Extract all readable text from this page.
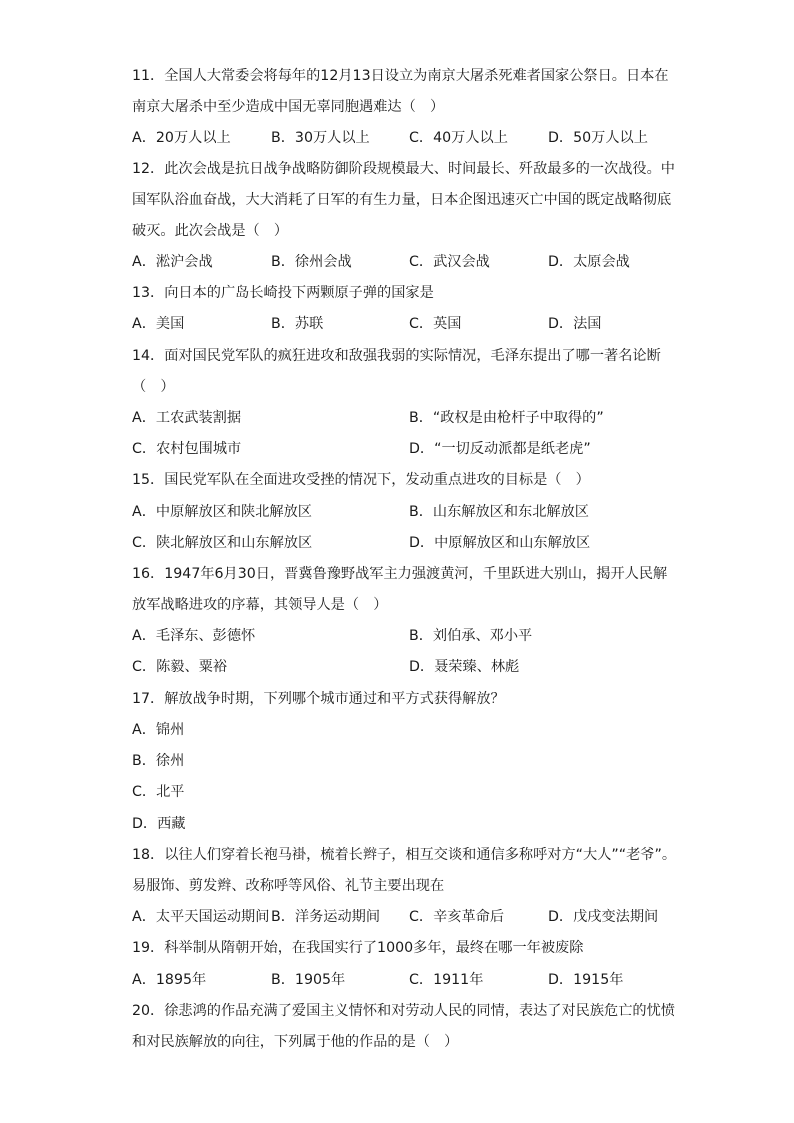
11．全国人大常委会将每年的12月13日设立为南京大屠杀死难者国家公祭日。日本在
南京大屠杀中至少造成中国无辜同胞遇难达（　）
A．20万人以上	B．30万人以上	C．40万人以上	D．50万人以上
12．此次会战是抗日战争战略防御阶段规模最大、时间最长、歼敌最多的一次战役。中
国军队浴血奋战，大大消耗了日军的有生力量，日本企图迅速灭亡中国的既定战略彻底
破灭。此次会战是（　）
A．淞沪会战	B．徐州会战	C．武汉会战	D．太原会战
13．向日本的广岛长崎投下两颗原子弹的国家是
A．美国	B．苏联	C．英国	D．法国
14．面对国民党军队的疯狂进攻和敌强我弱的实际情况，毛泽东提出了哪一著名论断
（　）
A．工农武装割据	B．“政权是由枪杆子中取得的”
C．农村包围城市	D．“一切反动派都是纸老虎”
15．国民党军队在全面进攻受挫的情况下，发动重点进攻的目标是（　）
A．中原解放区和陕北解放区	B．山东解放区和东北解放区
C．陕北解放区和山东解放区	D．中原解放区和山东解放区
16．1947年6月30日，晋冀鲁豫野战军主力强渡黄河，千里跃进大别山，揭开人民解
放军战略进攻的序幕，其领导人是（　）
A．毛泽东、彭德怀	B．刘伯承、邓小平
C．陈毅、粟裕	D．聂荣臻、林彪
17．解放战争时期，下列哪个城市通过和平方式获得解放？
A．锦州
B．徐州
C．北平
D．西藏
18．以往人们穿着长袍马褂，梳着长辫子，相互交谈和通信多称呼对方“大人”“老爷”。
易服饰、剪发辫、改称呼等风俗、礼节主要出现在
A．太平天国运动期间 B．洋务运动期间 C．辛亥革命后	D．戊戌变法期间
19．科举制从隋朝开始，在我国实行了1000多年，最终在哪一年被废除
A．1895年	B．1905年	C．1911年	D．1915年
20．徐悲鸿的作品充满了爱国主义情怀和对劳动人民的同情，表达了对民族危亡的忧愤
和对民族解放的向往，下列属于他的作品的是（　）
